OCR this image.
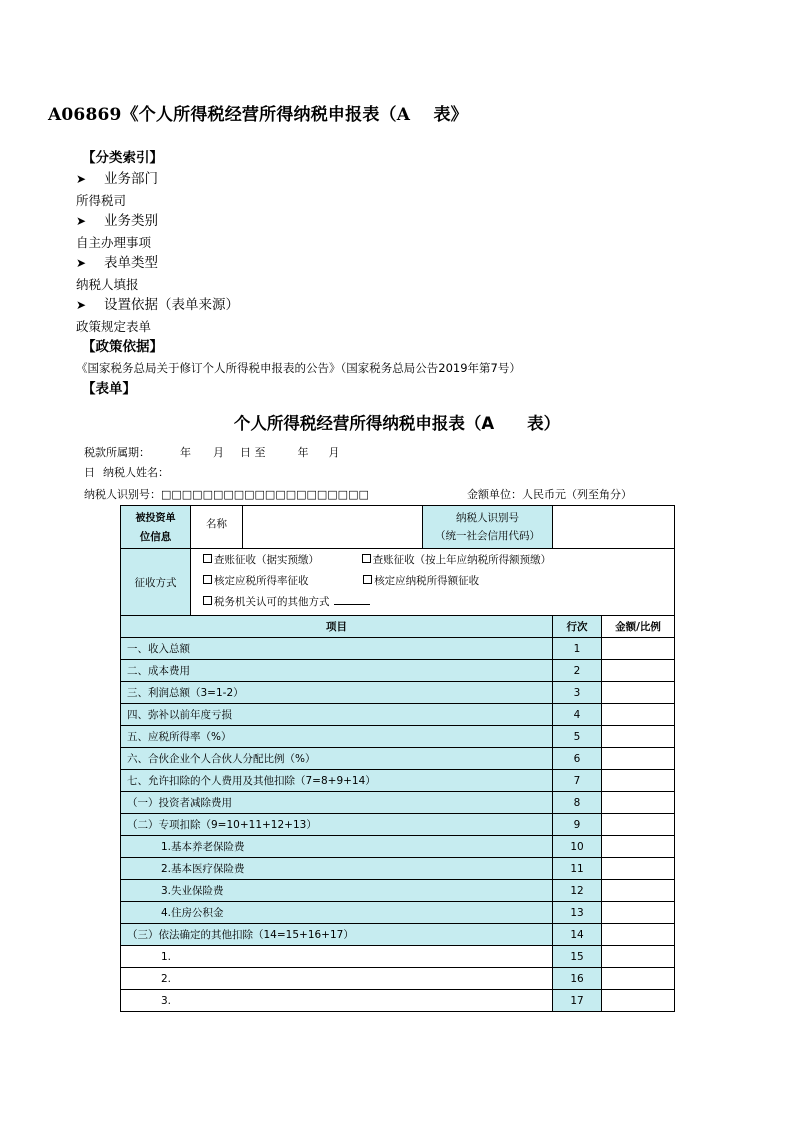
A06869《个人所得税经营所得纳税申报表（A　 表》
【分类索引】
➤	业务部门
所得税司
➤	业务类别
自主办理事项
➤	表单类型
纳税人填报
➤	设置依据（表单来源）
政策规定表单
【政策依据】
《国家税务总局关于修订个人所得税申报表的公告》（国家税务总局公告2019年第7号）
【表单】
个人所得税经营所得纳税申报表（A　　表）
税款所属期：	年 月 日 至	年 月
日 纳税人姓名：
纳税人识别号：□□□□□□□□□□□□□□□□□□□□	金额单位：人民币元（列至角分）
被投资单
位信息	名称		纳税人识别号
（统一社会信用代码）		
征收方式	查账征收（据实预缴） 查账征收（按上年应纳税所得额预缴）
核定应税所得率征收 核定应纳税所得额征收
税务机关认可的其他方式				

项目				行次	金额/比例
一、收入总额				1	
二、成本费用				2	
三、利润总额（3=1-2）				3	
四、弥补以前年度亏损				4	
五、应税所得率（%）				5	
六、合伙企业个人合伙人分配比例（%）				6	
七、允许扣除的个人费用及其他扣除（7=8+9+14）				7	
（一）投资者减除费用				8	
（二）专项扣除（9=10+11+12+13）				9	
1.基本养老保险费				10	
2.基本医疗保险费				11	
3.失业保险费				12	
4.住房公积金				13	
（三）依法确定的其他扣除（14=15+16+17）				14	
1.				15	
2.				16	
3.				17	
